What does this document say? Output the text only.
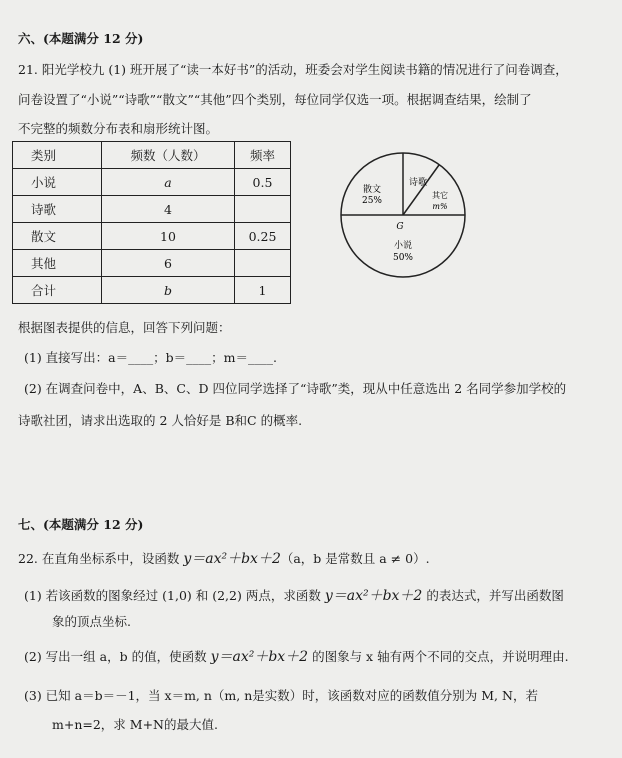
六、(本题满分 12 分)
21. 阳光学校九 (1) 班开展了“读一本好书”的活动，班委会对学生阅读书籍的情况进行了问卷调查，
问卷设置了“小说”“诗歌”“散文”“其他”四个类别，每位同学仅选一项。根据调查结果，绘制了
不完整的频数分布表和扇形统计图。
类别	频数（人数）	频率
小说	a	0.5
诗歌	4	
散文	10	0.25
其他	6	
合计	b	1
散文
25%
诗歌
其它
m%
G
小说
50%
根据图表提供的信息，回答下列问题：
(1) 直接写出：a＝____；b＝____；m＝____.
(2) 在调查问卷中，A、B、C、D 四位同学选择了“诗歌”类，现从中任意选出 2 名同学参加学校的
诗歌社团，请求出选取的 2 人恰好是 B和C 的概率.
七、(本题满分 12 分)
22. 在直角坐标系中，设函数 y＝ax²＋bx＋2（a，b 是常数且 a ≠ 0）.
(1) 若该函数的图象经过 (1,0) 和 (2,2) 两点，求函数 y＝ax²＋bx＋2 的表达式，并写出函数图
象的顶点坐标.
(2) 写出一组 a，b 的值，使函数 y＝ax²＋bx＋2 的图象与 x 轴有两个不同的交点，并说明理由.
(3) 已知 a＝b＝－1，当 x＝m, n（m, n是实数）时，该函数对应的函数值分别为 M, N，若
m+n=2，求 M+N的最大值.
